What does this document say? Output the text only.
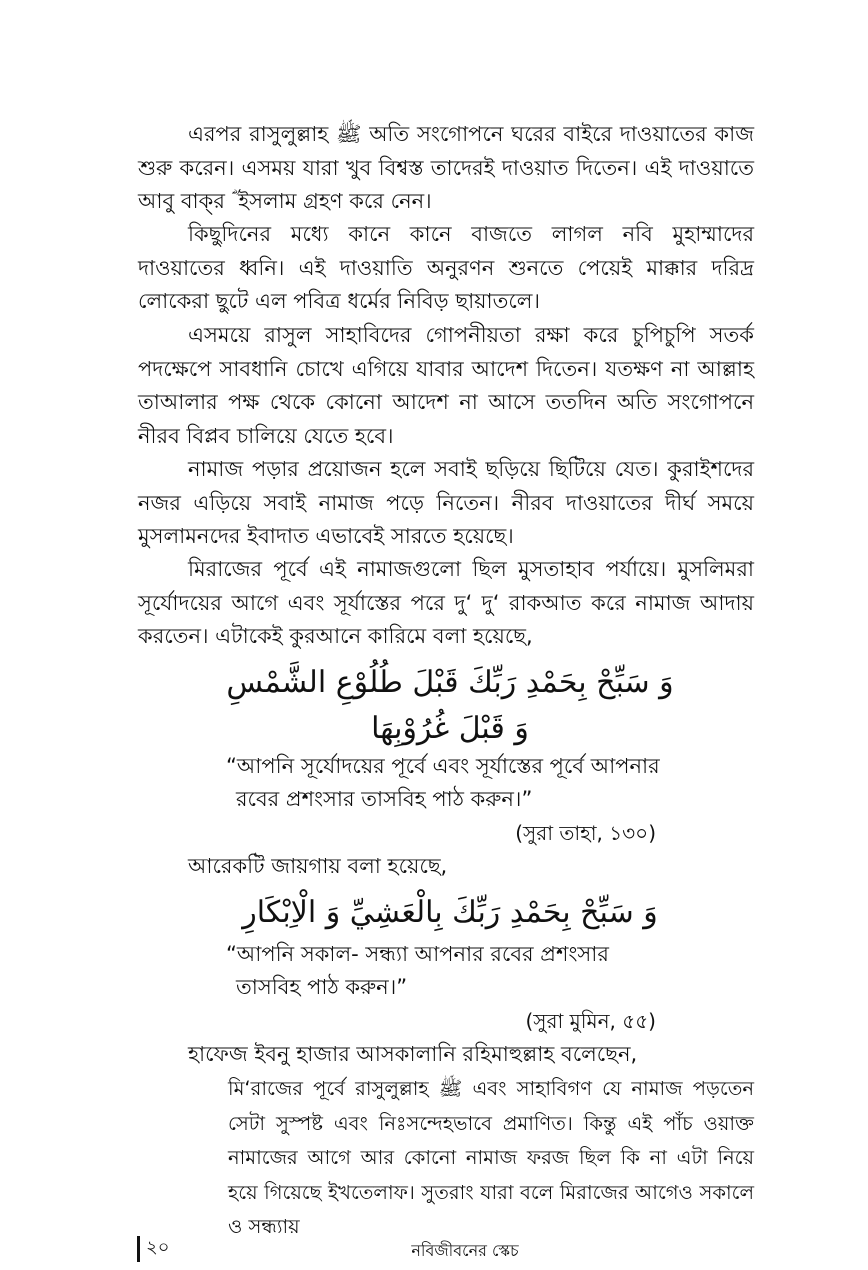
এরপর রাসুলুল্লাহ ﷺ অতি সংগোপনে ঘরের বাইরে দাওয়াতের কাজ শুরু করেন। এসময় যারা খুব বিশ্বস্ত তাদেরই দাওয়াত দিতেন। এই দাওয়াতে আবু বাক্‌র ؓ ইসলাম গ্রহণ করে নেন।

কিছুদিনের মধ্যে কানে কানে বাজতে লাগল নবি মুহাম্মাদের দাওয়াতের ধ্বনি। এই দাওয়াতি অনুরণন শুনতে পেয়েই মাক্কার দরিদ্র লোকেরা ছুটে এল পবিত্র ধর্মের নিবিড় ছায়াতলে।

এসময়ে রাসুল সাহাবিদের গোপনীয়তা রক্ষা করে চুপিচুপি সতর্ক পদক্ষেপে সাবধানি চোখে এগিয়ে যাবার আদেশ দিতেন। যতক্ষণ না আল্লাহ তাআলার পক্ষ থেকে কোনো আদেশ না আসে ততদিন অতি সংগোপনে নীরব বিপ্লব চালিয়ে যেতে হবে।

নামাজ পড়ার প্রয়োজন হলে সবাই ছড়িয়ে ছিটিয়ে যেত। কুরাইশদের নজর এড়িয়ে সবাই নামাজ পড়ে নিতেন। নীরব দাওয়াতের দীর্ঘ সময়ে মুসলামনদের ইবাদাত এভাবেই সারতে হয়েছে।

মিরাজের পূর্বে এই নামাজগুলো ছিল মুসতাহাব পর্যায়ে। মুসলিমরা সূর্যোদয়ের আগে এবং সূর্যাস্তের পরে দু‘ দু‘ রাকআত করে নামাজ আদায় করতেন। এটাকেই কুরআনে কারিমে বলা হয়েছে,

وَ سَبِّحْ بِحَمْدِ رَبِّكَ قَبْلَ طُلُوْعِ الشَّمْسِ وَ قَبْلَ غُرُوْبِهَا

“আপনি সূর্যোদয়ের পূর্বে এবং সূর্যাস্তের পূর্বে আপনার

রবের প্রশংসার তাসবিহ পাঠ করুন।”

(সুরা তাহা, ১৩০)

আরেকটি জায়গায় বলা হয়েছে,

وَ سَبِّحْ بِحَمْدِ رَبِّكَ بِالْعَشِيِّ وَ الْاِبْكَارِ

“আপনি সকাল- সন্ধ্যা আপনার রবের প্রশংসার

তাসবিহ পাঠ করুন।”

(সুরা মুমিন, ৫৫)

হাফেজ ইবনু হাজার আসকালানি রহিমাহুল্লাহ বলেছেন,

মি‘রাজের পূর্বে রাসুলুল্লাহ ﷺ এবং সাহাবিগণ যে নামাজ পড়তেন সেটা সুস্পষ্ট এবং নিঃসন্দেহভাবে প্রমাণিত। কিন্তু এই পাঁচ ওয়াক্ত নামাজের আগে আর কোনো নামাজ ফরজ ছিল কি না এটা নিয়ে হয়ে গিয়েছে ইখতেলাফ। সুতরাং যারা বলে মিরাজের আগেও সকালে ও সন্ধ্যায়

২০	নবিজীবনের স্কেচ
